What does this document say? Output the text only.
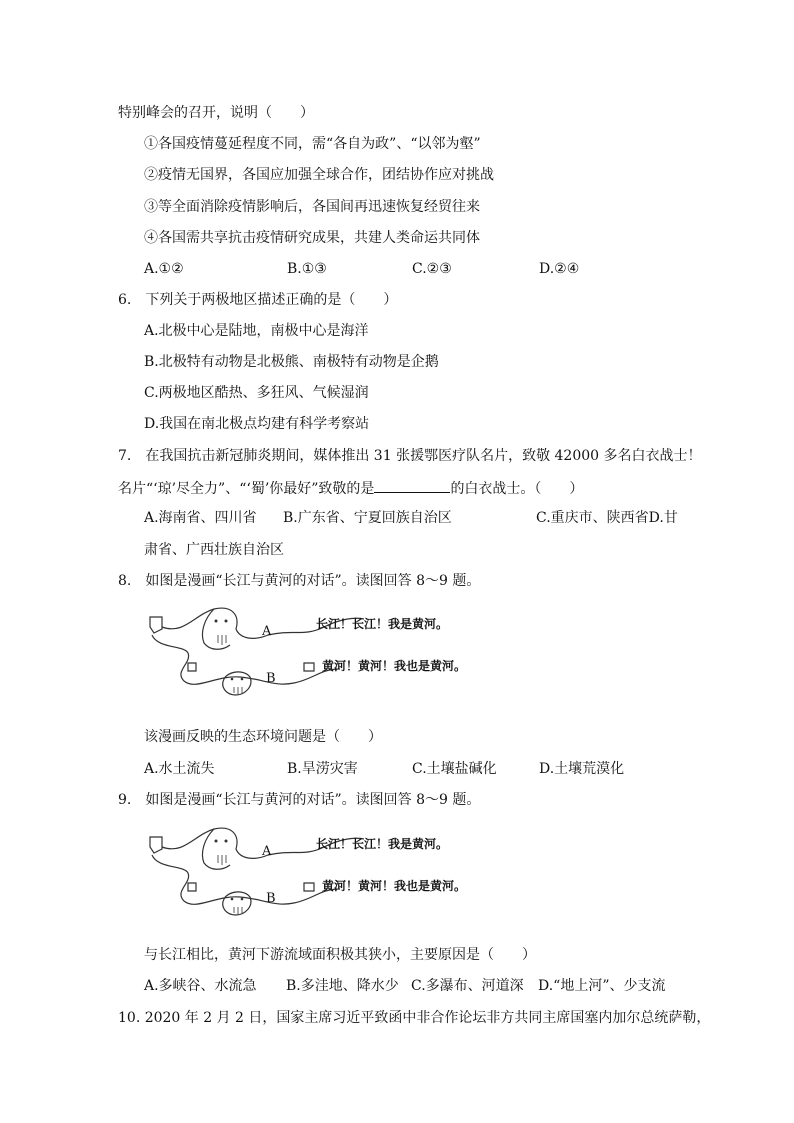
特别峰会的召开，说明（　　）
①各国疫情蔓延程度不同，需“各自为政”、“以邻为壑”
②疫情无国界，各国应加强全球合作，团结协作应对挑战
③等全面消除疫情影响后，各国间再迅速恢复经贸往来
④各国需共享抗击疫情研究成果，共建人类命运共同体
A.①②	B.①③	C.②③	D.②④
6.　下列关于两极地区描述正确的是（　　）
A.北极中心是陆地，南极中心是海洋
B.北极特有动物是北极熊、南极特有动物是企鹅
C.两极地区酷热、多狂风、气候湿润
D.我国在南北极点均建有科学考察站
7.　在我国抗击新冠肺炎期间，媒体推出 31 张援鄂医疗队名片，致敬 42000 多名白衣战士！
名片“‘琼’尽全力”、“‘蜀’你最好”致敬的是	的白衣战士。（　　）
A.海南省、四川省 B.广东省、宁夏回族自治区	C.重庆市、陕西省D.甘
肃省、广西壮族自治区
8.　如图是漫画“长江与黄河的对话”。读图回答 8～9 题。
A
B
长江！长江！我是黄河。
黄河！黄河！我也是黄河。
该漫画反映的生态环境问题是（　　）
A.水土流失	B.旱涝灾害	C.土壤盐碱化	D.土壤荒漠化
9.　如图是漫画“长江与黄河的对话”。读图回答 8～9 题。
A
B
长江！长江！我是黄河。
黄河！黄河！我也是黄河。
与长江相比，黄河下游流域面积极其狭小，主要原因是（　　）
A.多峡谷、水流急 B.多洼地、降水少 C.多瀑布、河道深 D.“地上河”、少支流
10. 2020 年 2 月 2 日，国家主席习近平致函中非合作论坛非方共同主席国塞内加尔总统萨勒，
